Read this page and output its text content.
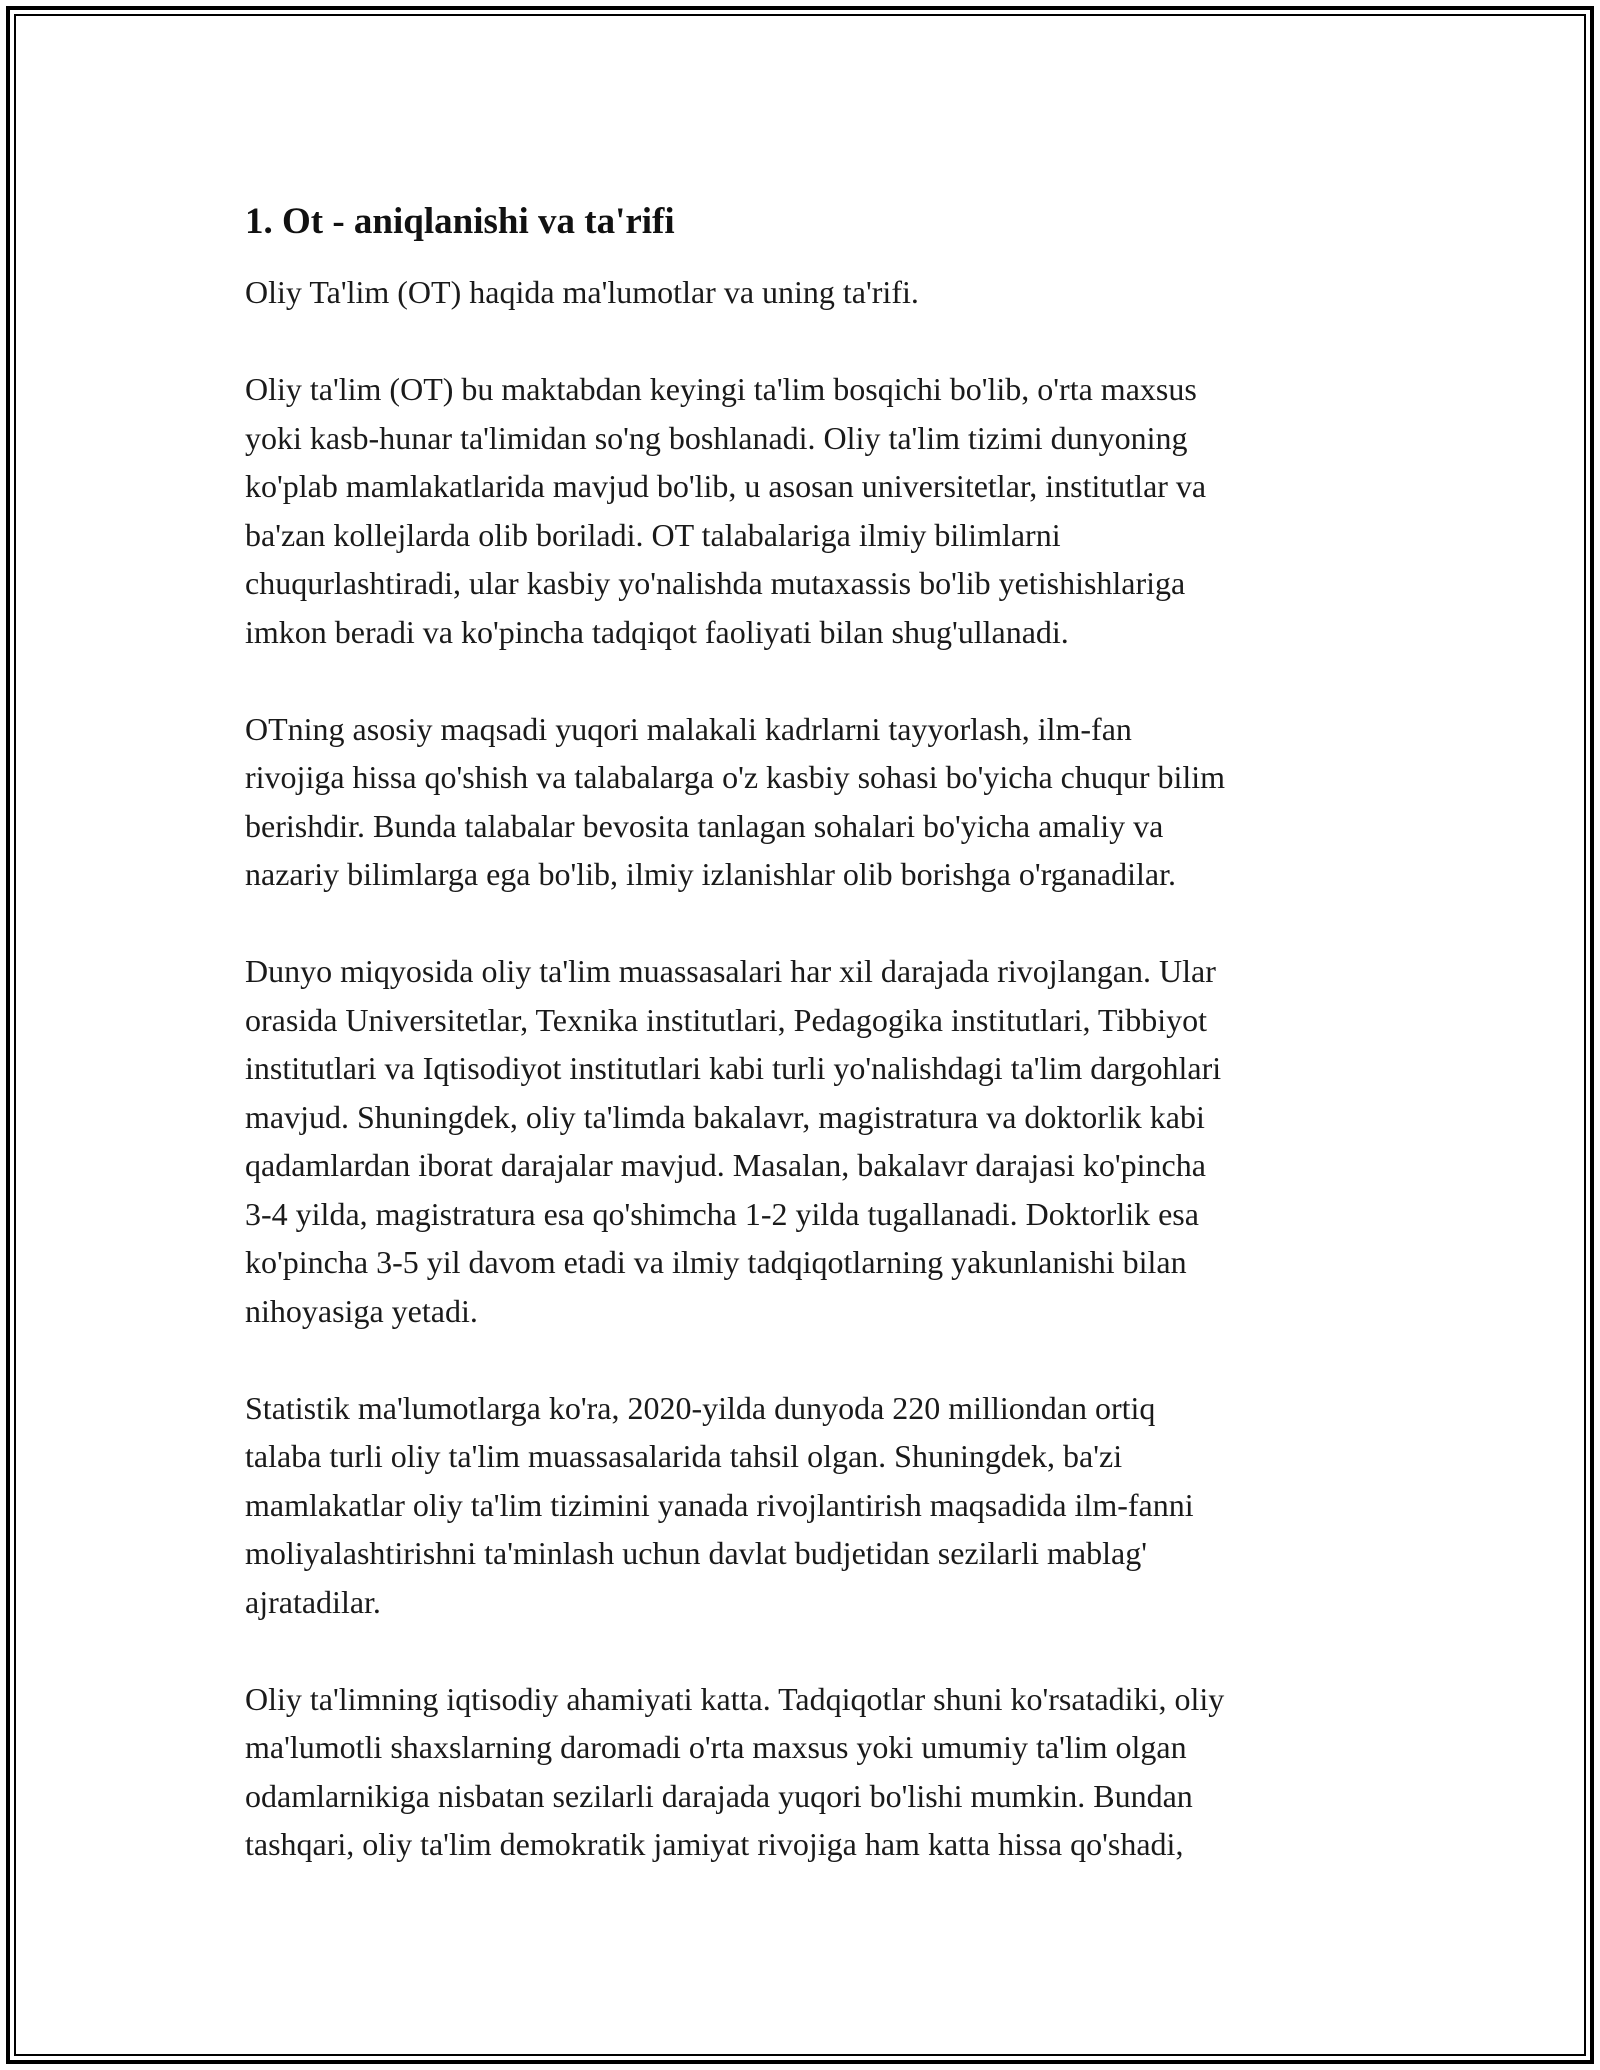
1. Ot - aniqlanishi va ta'rifi
Oliy Ta'lim (OT) haqida ma'lumotlar va uning ta'rifi.
Oliy ta'lim (OT) bu maktabdan keyingi ta'lim bosqichi bo'lib, o'rta maxsus
yoki kasb-hunar ta'limidan so'ng boshlanadi. Oliy ta'lim tizimi dunyoning
ko'plab mamlakatlarida mavjud bo'lib, u asosan universitetlar, institutlar va
ba'zan kollejlarda olib boriladi. OT talabalariga ilmiy bilimlarni
chuqurlashtiradi, ular kasbiy yo'nalishda mutaxassis bo'lib yetishishlariga
imkon beradi va ko'pincha tadqiqot faoliyati bilan shug'ullanadi.
OTning asosiy maqsadi yuqori malakali kadrlarni tayyorlash, ilm-fan
rivojiga hissa qo'shish va talabalarga o'z kasbiy sohasi bo'yicha chuqur bilim
berishdir. Bunda talabalar bevosita tanlagan sohalari bo'yicha amaliy va
nazariy bilimlarga ega bo'lib, ilmiy izlanishlar olib borishga o'rganadilar.
Dunyo miqyosida oliy ta'lim muassasalari har xil darajada rivojlangan. Ular
orasida Universitetlar, Texnika institutlari, Pedagogika institutlari, Tibbiyot
institutlari va Iqtisodiyot institutlari kabi turli yo'nalishdagi ta'lim dargohlari
mavjud. Shuningdek, oliy ta'limda bakalavr, magistratura va doktorlik kabi
qadamlardan iborat darajalar mavjud. Masalan, bakalavr darajasi ko'pincha
3-4 yilda, magistratura esa qo'shimcha 1-2 yilda tugallanadi. Doktorlik esa
ko'pincha 3-5 yil davom etadi va ilmiy tadqiqotlarning yakunlanishi bilan
nihoyasiga yetadi.
Statistik ma'lumotlarga ko'ra, 2020-yilda dunyoda 220 milliondan ortiq
talaba turli oliy ta'lim muassasalarida tahsil olgan. Shuningdek, ba'zi
mamlakatlar oliy ta'lim tizimini yanada rivojlantirish maqsadida ilm-fanni
moliyalashtirishni ta'minlash uchun davlat budjetidan sezilarli mablag'
ajratadilar.
Oliy ta'limning iqtisodiy ahamiyati katta. Tadqiqotlar shuni ko'rsatadiki, oliy
ma'lumotli shaxslarning daromadi o'rta maxsus yoki umumiy ta'lim olgan
odamlarnikiga nisbatan sezilarli darajada yuqori bo'lishi mumkin. Bundan
tashqari, oliy ta'lim demokratik jamiyat rivojiga ham katta hissa qo'shadi,
